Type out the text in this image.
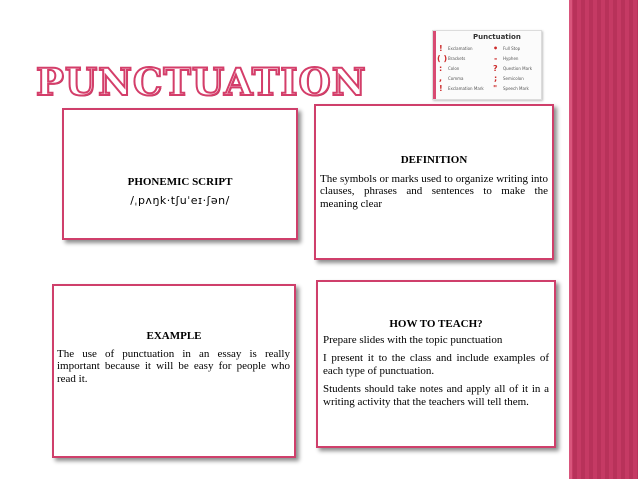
PUNCTUATION
Punctuation
! Exclamation
( ) Brackets
: Colon
, Comma
! Exclamation Mark
• Full Stop
- Hyphen
? Question Mark
; Semicolon
" Speech Mark
PHONEMIC SCRIPT
/ˌpʌŋk·tʃuˈeɪ·ʃən/
DEFINITION
The symbols or marks used to organize writing into clauses, phrases and sentences to make the meaning clear
EXAMPLE
The use of punctuation in an essay is really important because it will be easy for people who read it.
HOW TO TEACH?

Prepare slides with the topic punctuation

I present it to the class and include examples of each type of punctuation.

Students should take notes and apply all of it in a writing activity that the teachers will tell them.
